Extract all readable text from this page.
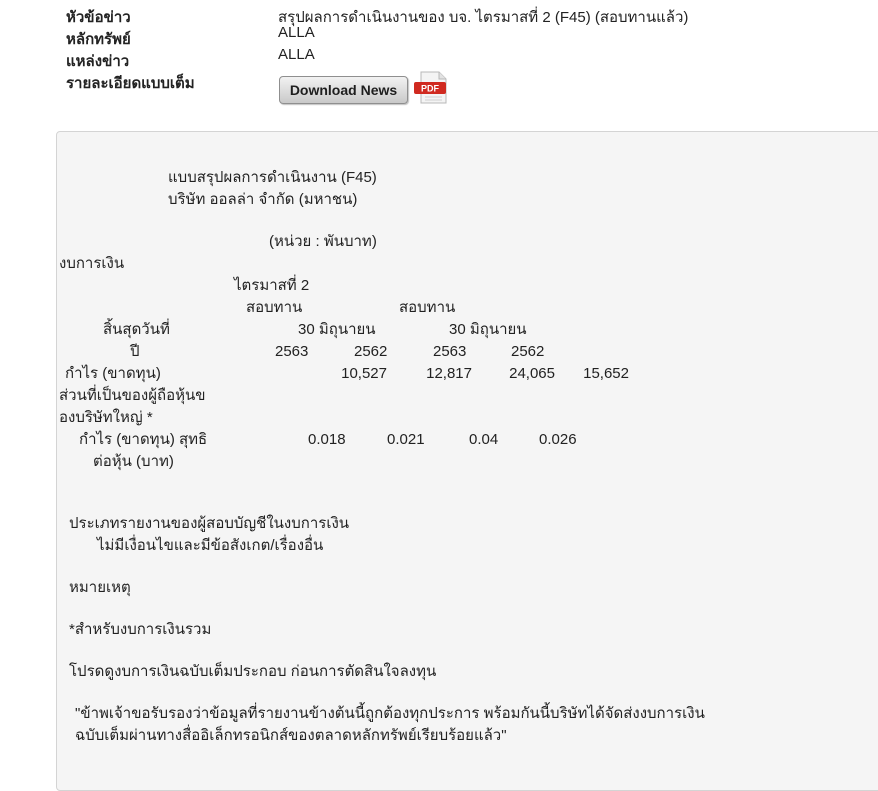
หัวข้อข่าว	สรุปผลการดำเนินงานของ บจ. ไตรมาสที่ 2 (F45) (สอบทานแล้ว)
หลักทรัพย์	ALLA
แหล่งข่าว	ALLA
รายละเอียดแบบเต็ม	Download News	PDF
แบบสรุปผลการดำเนินงาน (F45)
บริษัท ออลล่า จำกัด (มหาชน)
(หน่วย : พันบาท)
งบการเงิน
ไตรมาสที่ 2
สอบทาน	สอบทาน
สิ้นสุดวันที่	30 มิถุนายน	30 มิถุนายน
ปี	2563	2562	2563	2562
กำไร (ขาดทุน)	10,527	12,817	24,065	15,652
ส่วนที่เป็นของผู้ถือหุ้นข
องบริษัทใหญ่ *
กำไร (ขาดทุน) สุทธิ	0.018	0.021	0.04	0.026
ต่อหุ้น (บาท)
ประเภทรายงานของผู้สอบบัญชีในงบการเงิน
ไม่มีเงื่อนไขและมีข้อสังเกต/เรื่องอื่น
หมายเหตุ
*สำหรับงบการเงินรวม
โปรดดูงบการเงินฉบับเต็มประกอบ ก่อนการตัดสินใจลงทุน
"ข้าพเจ้าขอรับรองว่าข้อมูลที่รายงานข้างต้นนี้ถูกต้องทุกประการ พร้อมกันนี้บริษัทได้จัดส่งงบการเงิน
ฉบับเต็มผ่านทางสื่ออิเล็กทรอนิกส์ของตลาดหลักทรัพย์เรียบร้อยแล้ว"
